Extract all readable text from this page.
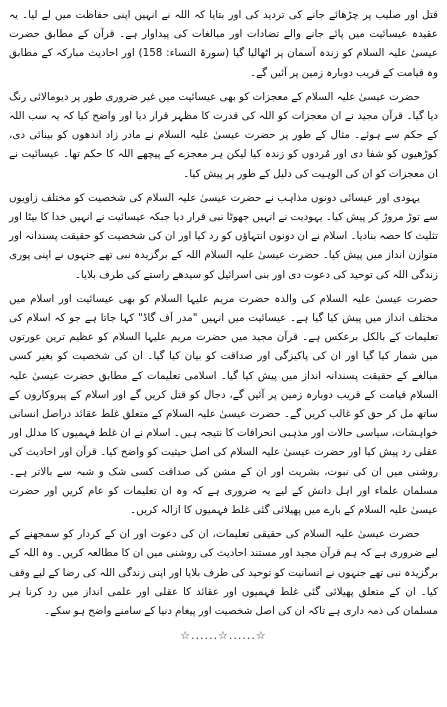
قتل اور صلیب پر چڑھائے جانے کی تردید کی اور بتایا کہ اللہ نے انہیں اپنی حفاظت میں لے لیا۔ یہ عقیدہ عیسائیت میں پائے جانے والے تضادات اور مبالغات کی پیداوار ہے۔ قرآن کے مطابق حضرت عیسیٰ علیہ السلام کو زندہ آسمان پر اٹھالیا گیا (سورۃ النساء: 158) اور احادیث مبارکہ کے مطابق وہ قیامت کے قریب دوبارہ زمین پر آئیں گے۔

حضرت عیسیٰ علیہ السلام کے معجزات کو بھی عیسائیت میں غیر ضروری طور پر دیومالائی رنگ دیا گیا۔ قرآن مجید نے ان معجزات کو اللہ کی قدرت کا مظہر قرار دیا اور واضح کیا کہ یہ سب اللہ کے حکم سے ہوئے۔ مثال کے طور پر حضرت عیسیٰ علیہ السلام نے مادر زاد اندھوں کو بینائی دی، کوڑھیوں کو شفا دی اور مُردوں کو زندہ کیا لیکن ہر معجزے کے پیچھے اللہ کا حکم تھا۔ عیسائیت نے ان معجزات کو ان کی الوہیت کی دلیل کے طور پر پیش کیا۔

یہودی اور عیسائی دونوں مذاہب نے حضرت عیسیٰ علیہ السلام کی شخصیت کو مختلف زاویوں سے توڑ مروڑ کر پیش کیا۔ یہودیت نے انہیں جھوٹا نبی قرار دیا جبکہ عیسائیت نے انہیں خدا کا بیٹا اور تثلیث کا حصہ بنادیا۔ اسلام نے ان دونوں انتہاؤں کو رد کیا اور ان کی شخصیت کو حقیقت پسندانہ اور متوازن انداز میں پیش کیا۔ حضرت عیسیٰ علیہ السلام اللہ کے برگزیدہ نبی تھے جنہوں نے اپنی پوری زندگی اللہ کی توحید کی دعوت دی اور بنی اسرائیل کو سیدھے راستے کی طرف بلایا۔

حضرت عیسیٰ علیہ السلام کی والدہ حضرت مریم علیہا السلام کو بھی عیسائیت اور اسلام میں مختلف انداز میں پیش کیا گیا ہے۔ عیسائیت میں انہیں "مدر آف گاڈ" کہا جاتا ہے جو کہ اسلام کی تعلیمات کے بالکل برعکس ہے۔ قرآن مجید میں حضرت مریم علیہا السلام کو عظیم ترین عورتوں میں شمار کیا گیا اور ان کی پاکیزگی اور صداقت کو بیان کیا گیا۔ ان کی شخصیت کو بغیر کسی مبالغے کے حقیقت پسندانہ انداز میں پیش کیا گیا۔ اسلامی تعلیمات کے مطابق حضرت عیسیٰ علیہ السلام قیامت کے قریب دوبارہ زمین پر آئیں گے، دجال کو قتل کریں گے اور اسلام کے پیروکاروں کے ساتھ مل کر حق کو غالب کریں گے۔ حضرت عیسیٰ علیہ السلام کے متعلق غلط عقائد دراصل انسانی خواہشات، سیاسی حالات اور مذہبی انحرافات کا نتیجہ ہیں۔ اسلام نے ان غلط فہمیوں کا مدلل اور عقلی رد پیش کیا اور حضرت عیسیٰ علیہ السلام کی اصل حیثیت کو واضح کیا۔ قرآن اور احادیث کی روشنی میں ان کی نبوت، بشریت اور ان کے مشن کی صداقت کسی شک و شبہ سے بالاتر ہے۔ مسلمان علماء اور اہل دانش کے لیے یہ ضروری ہے کہ وہ ان تعلیمات کو عام کریں اور حضرت عیسیٰ علیہ السلام کے بارے میں پھیلائی گئی غلط فہمیوں کا ازالہ کریں۔

حضرت عیسیٰ علیہ السلام کی حقیقی تعلیمات، ان کی دعوت اور ان کے کردار کو سمجھنے کے لیے ضروری ہے کہ ہم قرآن مجید اور مستند احادیث کی روشنی میں ان کا مطالعہ کریں۔ وہ اللہ کے برگزیدہ نبی تھے جنہوں نے انسانیت کو توحید کی طرف بلایا اور اپنی زندگی اللہ کی رضا کے لیے وقف کیا۔ ان کے متعلق پھیلائی گئی غلط فہمیوں اور عقائد کا عقلی اور علمی انداز میں رد کرنا ہر مسلمان کی ذمہ داری ہے تاکہ ان کی اصل شخصیت اور پیغام دنیا کے سامنے واضح ہو سکے۔

☆......☆......☆
